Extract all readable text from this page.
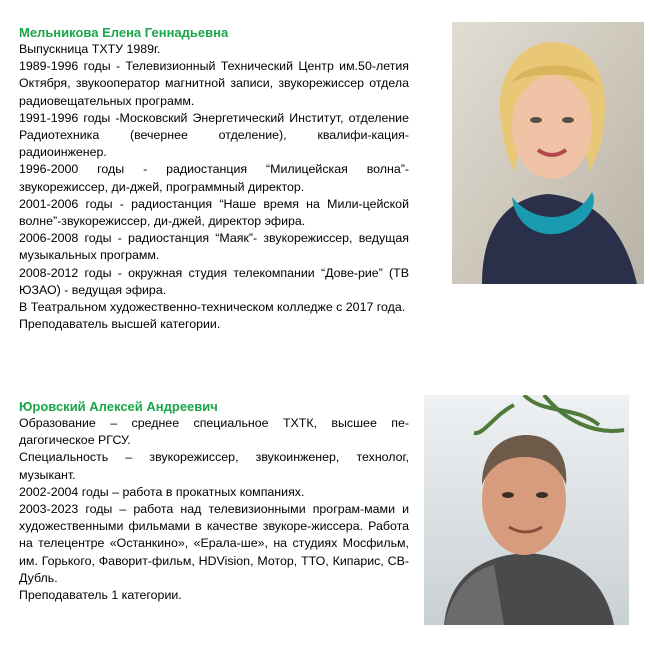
Мельникова Елена Геннадьевна

Выпускница ТХТУ 1989г.

1989-1996 годы - Телевизионный Технический Центр им.50-летия Октября, звукооператор магнитной записи, звукорежиссер отдела радиовещательных программ.

1991-1996 годы -Московский Энергетический Институт, отделение Радиотехника (вечернее отделение), квалифи-кация-радиоинженер.

1996-2000 годы - радиостанция “Милицейская волна”-звукорежиссер, ди-джей, программный директор.

2001-2006 годы - радиостанция “Наше время на Мили-цейской волне”-звукорежиссер, ди-джей, директор эфира.

2006-2008 годы - радиостанция “Маяк”- звукорежиссер, ведущая музыкальных программ.

2008-2012 годы - окружная студия телекомпании “Дове-рие” (ТВ ЮЗАО) - ведущая эфира.

В Театральном художественно-техническом колледже с 2017 года.

Преподаватель высшей категории.

Юровский Алексей Андреевич

Образование – среднее специальное ТХТК, высшее пе-дагогическое РГСУ.

Специальность – звукорежиссер, звукоинженер, технолог, музыкант.

2002-2004 годы – работа в прокатных компаниях.

2003-2023 годы – работа над телевизионными програм-мами и художественными фильмами в качестве звукоре-жиссера. Работа на телецентре «Останкино», «Ерала-ше», на студиях Мосфильм, им. Горького, Фаворит-фильм, HDVision, Мотор, ТТО, Кипарис, СВ-Дубль.

Преподаватель 1 категории.
